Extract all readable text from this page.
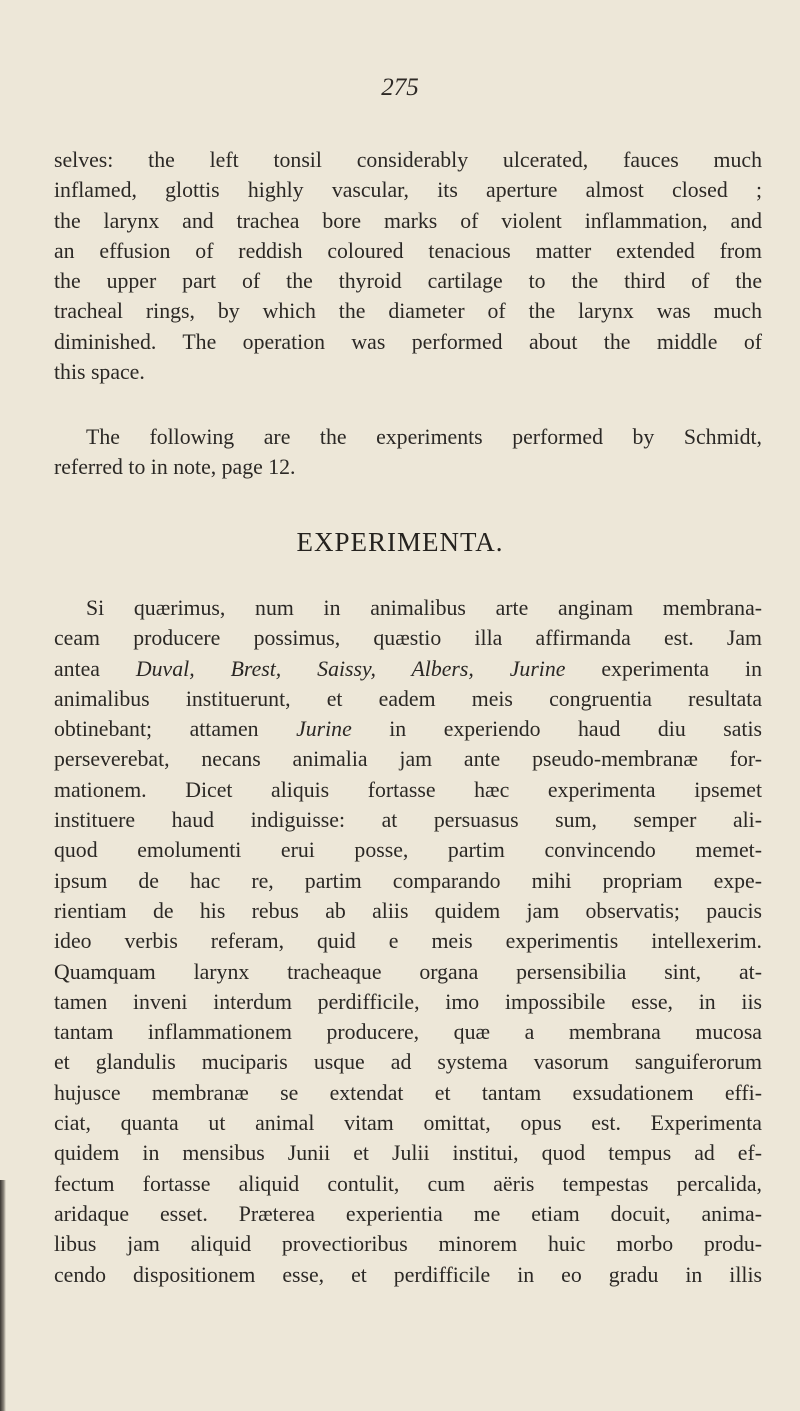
275
selves: the left tonsil considerably ulcerated, fauces much
inflamed, glottis highly vascular, its aperture almost closed ;
the larynx and trachea bore marks of violent inflammation, and
an effusion of reddish coloured tenacious matter extended from
the upper part of the thyroid cartilage to the third of the
tracheal rings, by which the diameter of the larynx was much
diminished. The operation was performed about the middle of
this space.
The following are the experiments performed by Schmidt,
referred to in note, page 12.
EXPERIMENTA.
Si quærimus, num in animalibus arte anginam membrana-
ceam producere possimus, quæstio illa affirmanda est. Jam
antea Duval, Brest, Saissy, Albers, Jurine experimenta in
animalibus instituerunt, et eadem meis congruentia resultata
obtinebant; attamen Jurine in experiendo haud diu satis
perseverebat, necans animalia jam ante pseudo-membranæ for-
mationem. Dicet aliquis fortasse hæc experimenta ipsemet
instituere haud indiguisse: at persuasus sum, semper ali-
quod emolumenti erui posse, partim convincendo memet-
ipsum de hac re, partim comparando mihi propriam expe-
rientiam de his rebus ab aliis quidem jam observatis; paucis
ideo verbis referam, quid e meis experimentis intellexerim.
Quamquam larynx tracheaque organa persensibilia sint, at-
tamen inveni interdum perdifficile, imo impossibile esse, in iis
tantam inflammationem producere, quæ a membrana mucosa
et glandulis muciparis usque ad systema vasorum sanguiferorum
hujusce membranæ se extendat et tantam exsudationem effi-
ciat, quanta ut animal vitam omittat, opus est. Experimenta
quidem in mensibus Junii et Julii institui, quod tempus ad ef-
fectum fortasse aliquid contulit, cum aëris tempestas percalida,
aridaque esset. Præterea experientia me etiam docuit, anima-
libus jam aliquid provectioribus minorem huic morbo produ-
cendo dispositionem esse, et perdifficile in eo gradu in illis
